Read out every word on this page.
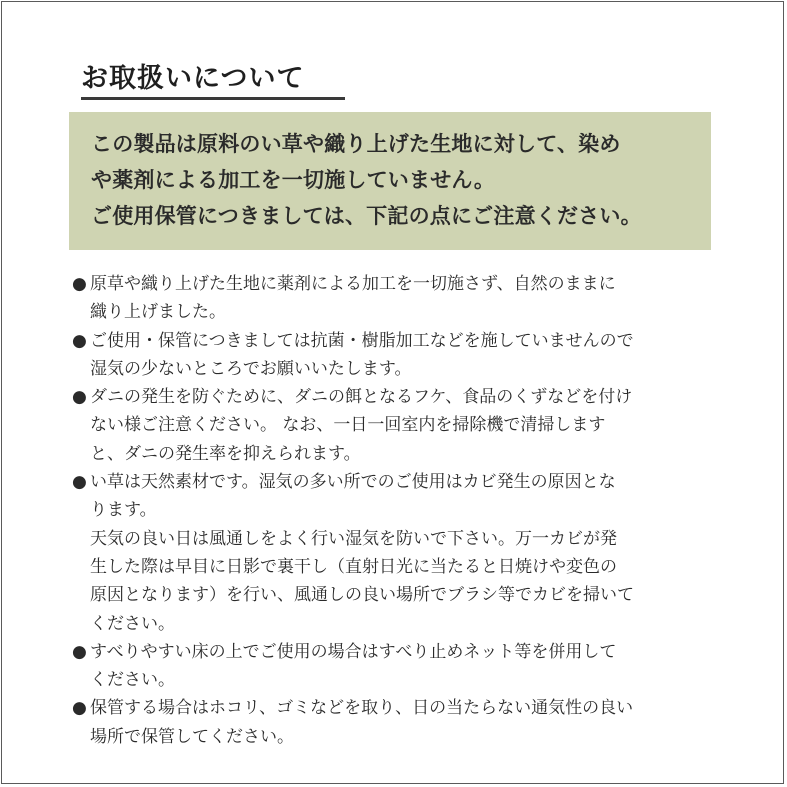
お取扱いについて
この製品は原料のい草や織り上げた生地に対して、染め
や薬剤による加工を一切施していません。
ご使用保管につきましては、下記の点にご注意ください。
● 原草や織り上げた生地に薬剤による加工を一切施さず、自然のままに
織り上げました。
● ご使用・保管につきましては抗菌・樹脂加工などを施していませんので
湿気の少ないところでお願いいたします。
● ダニの発生を防ぐために、ダニの餌となるフケ、食品のくずなどを付け
ない様ご注意ください。 なお、一日一回室内を掃除機で清掃します
と、ダニの発生率を抑えられます。
● い草は天然素材です。湿気の多い所でのご使用はカビ発生の原因とな
ります。
天気の良い日は風通しをよく行い湿気を防いで下さい。万一カビが発
生した際は早目に日影で裏干し（直射日光に当たると日焼けや変色の
原因となります）を行い、風通しの良い場所でブラシ等でカビを掃いて
ください。
● すべりやすい床の上でご使用の場合はすべり止めネット等を併用して
ください。
● 保管する場合はホコリ、ゴミなどを取り、日の当たらない通気性の良い
場所で保管してください。
